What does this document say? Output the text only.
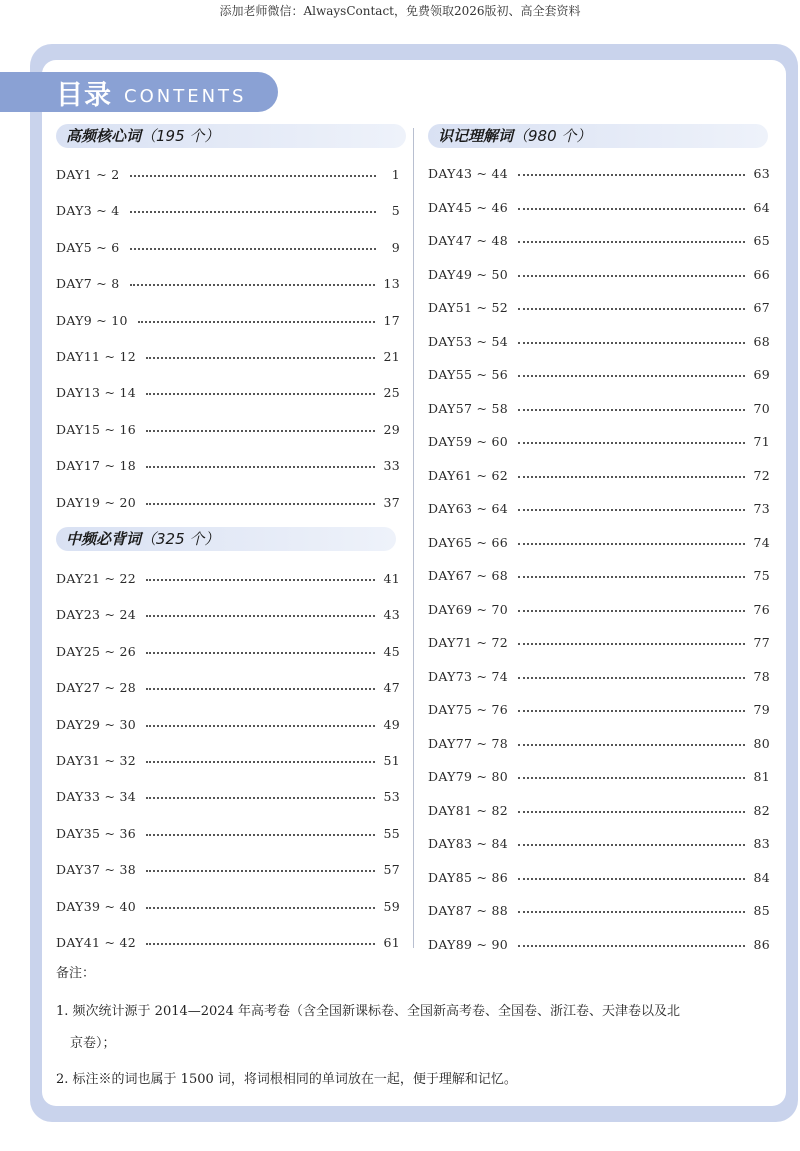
添加老师微信：AlwaysContact，免费领取2026版初、高全套资料
目录 CONTENTS
高频核心词（195 个）
中频必背词（325 个）
识记理解词（980 个）
DAY1 ~ 2	1
DAY3 ~ 4	5
DAY5 ~ 6	9
DAY7 ~ 8	13
DAY9 ~ 10	17
DAY11 ~ 12	21
DAY13 ~ 14	25
DAY15 ~ 16	29
DAY17 ~ 18	33
DAY19 ~ 20	37
DAY21 ~ 22	41
DAY23 ~ 24	43
DAY25 ~ 26	45
DAY27 ~ 28	47
DAY29 ~ 30	49
DAY31 ~ 32	51
DAY33 ~ 34	53
DAY35 ~ 36	55
DAY37 ~ 38	57
DAY39 ~ 40	59
DAY41 ~ 42	61
DAY43 ~ 44	63
DAY45 ~ 46	64
DAY47 ~ 48	65
DAY49 ~ 50	66
DAY51 ~ 52	67
DAY53 ~ 54	68
DAY55 ~ 56	69
DAY57 ~ 58	70
DAY59 ~ 60	71
DAY61 ~ 62	72
DAY63 ~ 64	73
DAY65 ~ 66	74
DAY67 ~ 68	75
DAY69 ~ 70	76
DAY71 ~ 72	77
DAY73 ~ 74	78
DAY75 ~ 76	79
DAY77 ~ 78	80
DAY79 ~ 80	81
DAY81 ~ 82	82
DAY83 ~ 84	83
DAY85 ~ 86	84
DAY87 ~ 88	85
DAY89 ~ 90	86
备注：
1. 频次统计源于 2014—2024 年高考卷（含全国新课标卷、全国新高考卷、全国卷、浙江卷、天津卷以及北
京卷）；
2. 标注※的词也属于 1500 词，将词根相同的单词放在一起，便于理解和记忆。
